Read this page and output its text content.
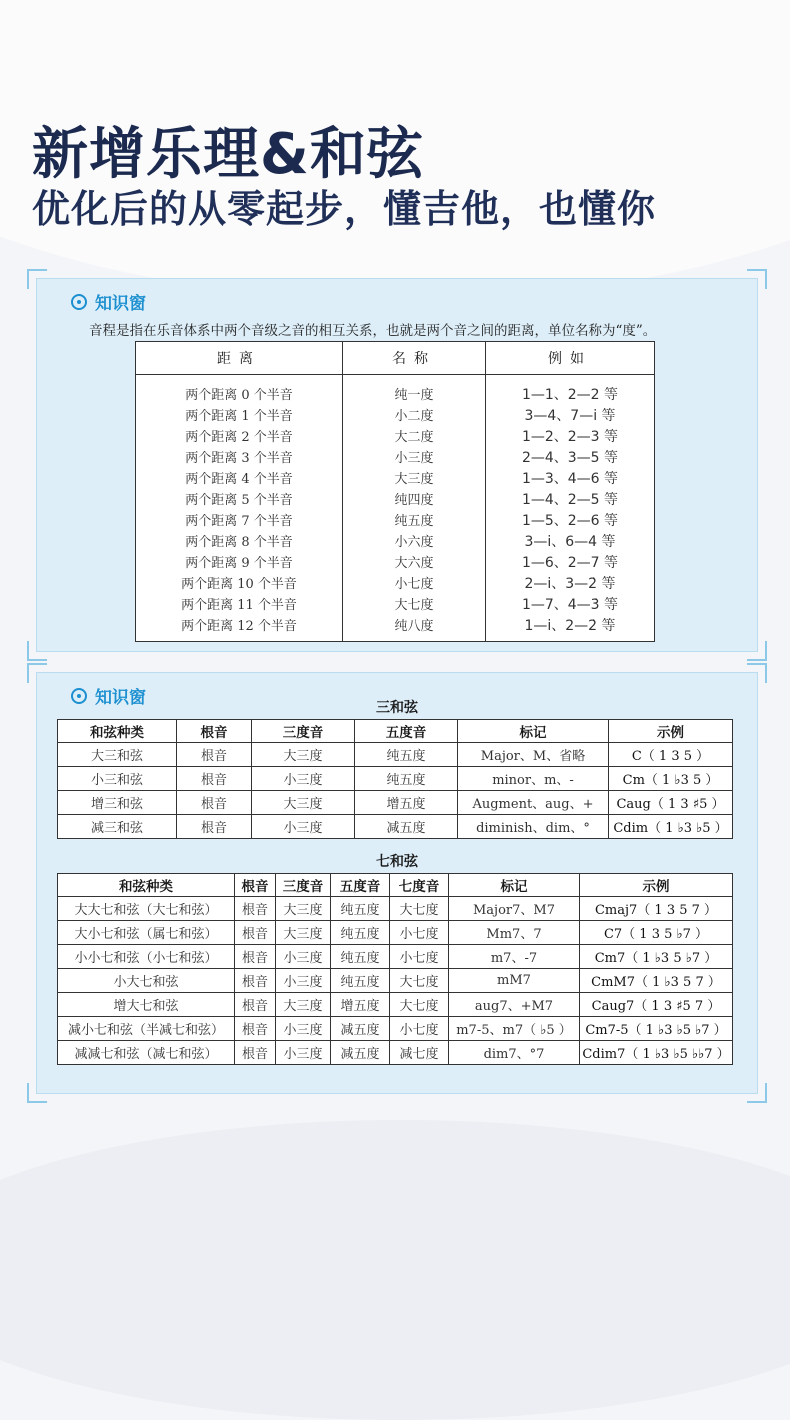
新增乐理&和弦
优化后的从零起步，懂吉他，也懂你
知识窗
音程是指在乐音体系中两个音级之音的相互关系，也就是两个音之间的距离，单位名称为“度”。
距离	名称	例如
两个距离 0 个半音	纯一度	1—1、2—2 等
两个距离 1 个半音	小二度	3—4、7—i 等
两个距离 2 个半音	大二度	1—2、2—3 等
两个距离 3 个半音	小三度	2—4、3—5 等
两个距离 4 个半音	大三度	1—3、4—6 等
两个距离 5 个半音	纯四度	1—4、2—5 等
两个距离 7 个半音	纯五度	1—5、2—6 等
两个距离 8 个半音	小六度	3—i、6—4̇ 等
两个距离 9 个半音	大六度	1—6、2—7 等
两个距离 10 个半音	小七度	2—i、3—2̇ 等
两个距离 11 个半音	大七度	1—7、4—3̇ 等
两个距离 12 个半音	纯八度	1—i、2—2̇ 等
知识窗	三和弦
和弦种类	根音	三度音	五度音	标记	示例
大三和弦	根音	大三度	纯五度	Major、M、省略	C（ 1 3 5 ）
小三和弦	根音	小三度	纯五度	minor、m、-	Cm（ 1 ♭3 5 ）
增三和弦	根音	大三度	增五度	Augment、aug、+	Caug（ 1 3 ♯5 ）
减三和弦	根音	小三度	减五度	diminish、dim、°	Cdim（ 1 ♭3 ♭5 ）
七和弦
和弦种类	根音	三度音	五度音	七度音	标记	示例
大大七和弦（大七和弦）	根音	大三度	纯五度	大七度	Major7、M7	Cmaj7（ 1 3 5 7 ）
大小七和弦（属七和弦）	根音	大三度	纯五度	小七度	Mm7、7	C7（ 1 3 5 ♭7 ）
小小七和弦（小七和弦）	根音	小三度	纯五度	小七度	m7、-7	Cm7（ 1 ♭3 5 ♭7 ）
小大七和弦	根音	小三度	纯五度	大七度	mM7	CmM7（ 1 ♭3 5 7 ）
增大七和弦	根音	大三度	增五度	大七度	aug7、+M7	Caug7（ 1 3 ♯5 7 ）
减小七和弦（半减七和弦）	根音	小三度	减五度	小七度	m7-5、m7（ ♭5 ）	Cm7-5（ 1 ♭3 ♭5 ♭7 ）
减减七和弦（减七和弦）	根音	小三度	减五度	减七度	dim7、°7	Cdim7（ 1 ♭3 ♭5 ♭♭7 ）
